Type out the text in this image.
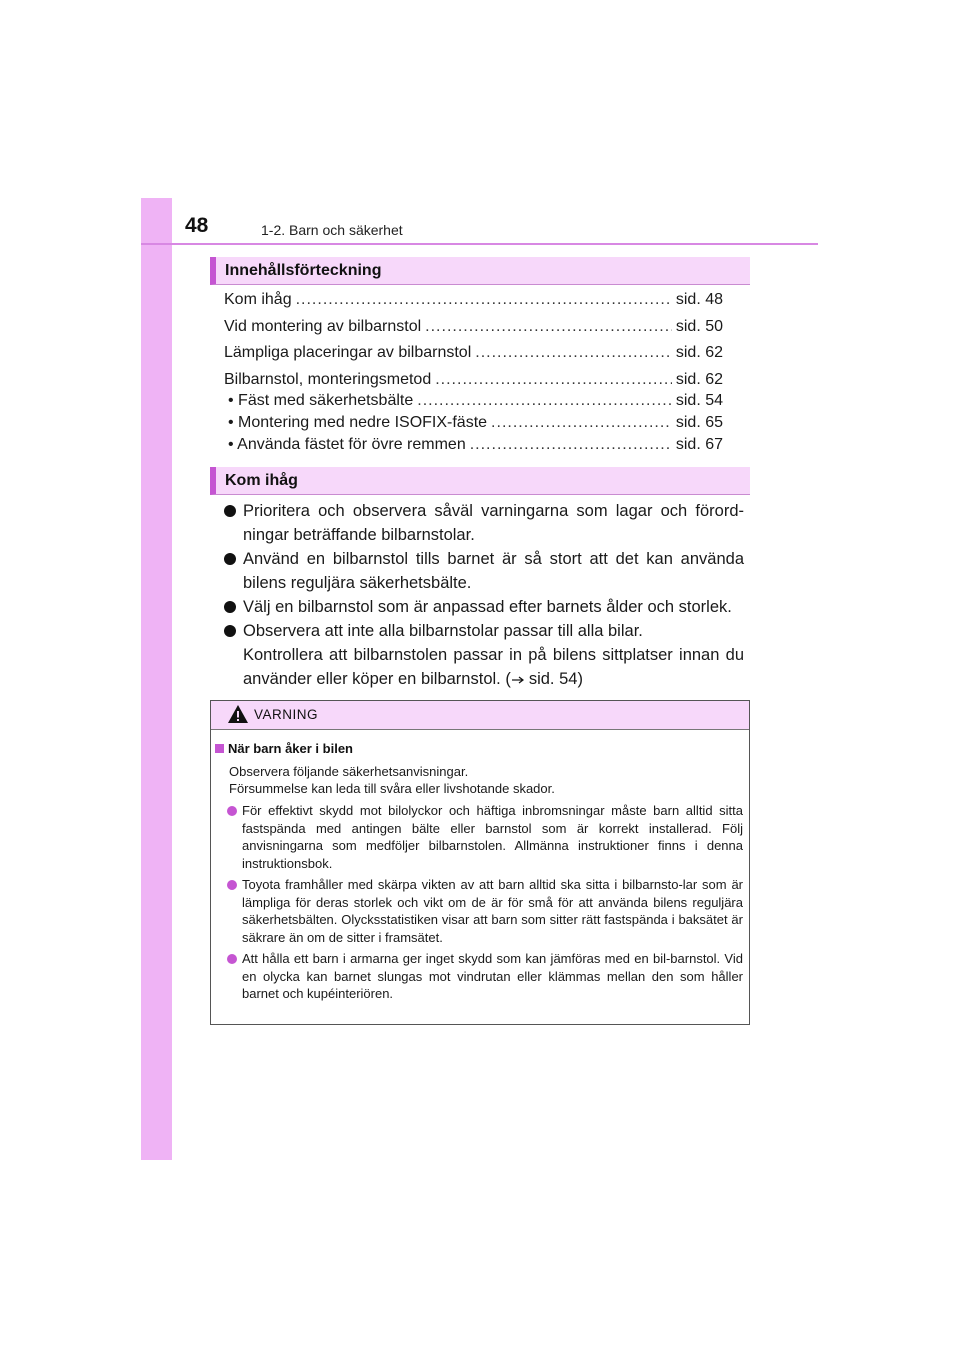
48	1-2. Barn och säkerhet
Innehållsförteckning
Kom ihåg .....	sid. 48
Vid montering av bilbarnstol .....	sid. 50
Lämpliga placeringar av bilbarnstol .....	sid. 62
Bilbarnstol, monteringsmetod .....	sid. 62
• Fäst med säkerhetsbälte .....	sid. 54
• Montering med nedre ISOFIX-fäste .....	sid. 65
• Använda fästet för övre remmen .....	sid. 67
Kom ihåg
Prioritera och observera såväl varningarna som lagar och förord-ningar beträffande bilbarnstolar.
Använd en bilbarnstol tills barnet är så stort att det kan använda bilens reguljära säkerhetsbälte.
Välj en bilbarnstol som är anpassad efter barnets ålder och storlek.
Observera att inte alla bilbarnstolar passar till alla bilar.
Kontrollera att bilbarnstolen passar in på bilens sittplatser innan du använder eller köper en bilbarnstol. ( sid. 54)
VARNING
När barn åker i bilen
Observera följande säkerhetsanvisningar.
Försummelse kan leda till svåra eller livshotande skador.
För effektivt skydd mot bilolyckor och häftiga inbromsningar måste barn alltid sitta fastspända med antingen bälte eller barnstol som är korrekt installerad. Följ anvisningarna som medföljer bilbarnstolen. Allmänna instruktioner finns i denna instruktionsbok.
Toyota framhåller med skärpa vikten av att barn alltid ska sitta i bilbarnsto-lar som är lämpliga för deras storlek och vikt om de är för små för att använda bilens reguljära säkerhetsbälten. Olycksstatistiken visar att barn som sitter rätt fastspända i baksätet är säkrare än om de sitter i framsätet.
Att hålla ett barn i armarna ger inget skydd som kan jämföras med en bil-barnstol. Vid en olycka kan barnet slungas mot vindrutan eller klämmas mellan den som håller barnet och kupéinteriören.
